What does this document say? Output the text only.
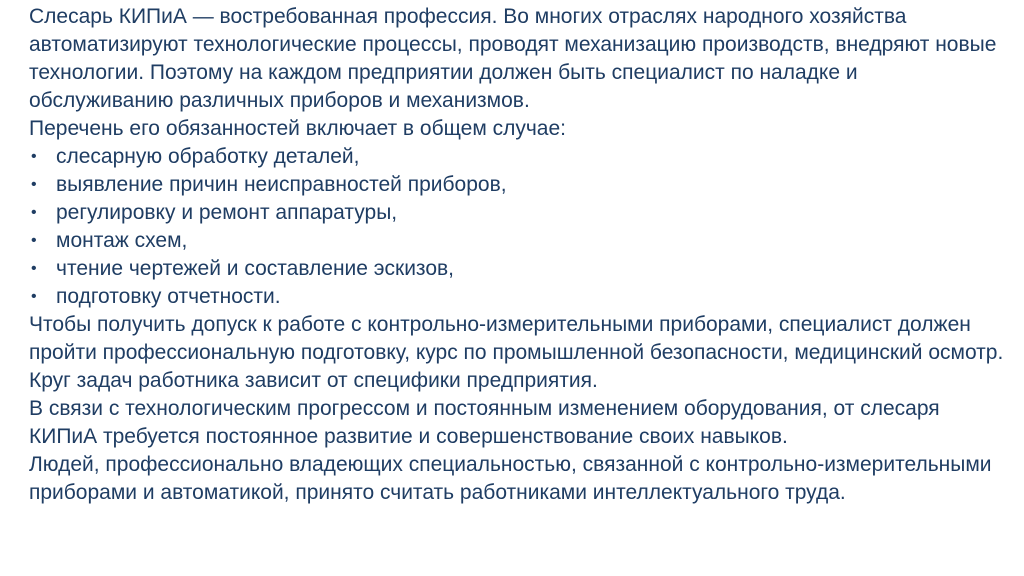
Слесарь КИПиА — востребованная профессия. Во многих отраслях народного хозяйства автоматизируют технологические процессы, проводят механизацию производств, внедряют новые технологии. Поэтому на каждом предприятии должен быть специалист по наладке и обслуживанию различных приборов и механизмов.

Перечень его обязанностей включает в общем случае:

• слесарную обработку деталей,
• выявление причин неисправностей приборов,
• регулировку и ремонт аппаратуры,
• монтаж схем,
• чтение чертежей и составление эскизов,
• подготовку отчетности.

Чтобы получить допуск к работе с контрольно-измерительными приборами, специалист должен пройти профессиональную подготовку, курс по промышленной безопасности, медицинский осмотр. Круг задач работника зависит от специфики предприятия.

В связи с технологическим прогрессом и постоянным изменением оборудования, от слесаря КИПиА требуется постоянное развитие и совершенствование своих навыков.

Людей, профессионально владеющих специальностью, связанной с контрольно-измерительными приборами и автоматикой, принято считать работниками интеллектуального труда.
